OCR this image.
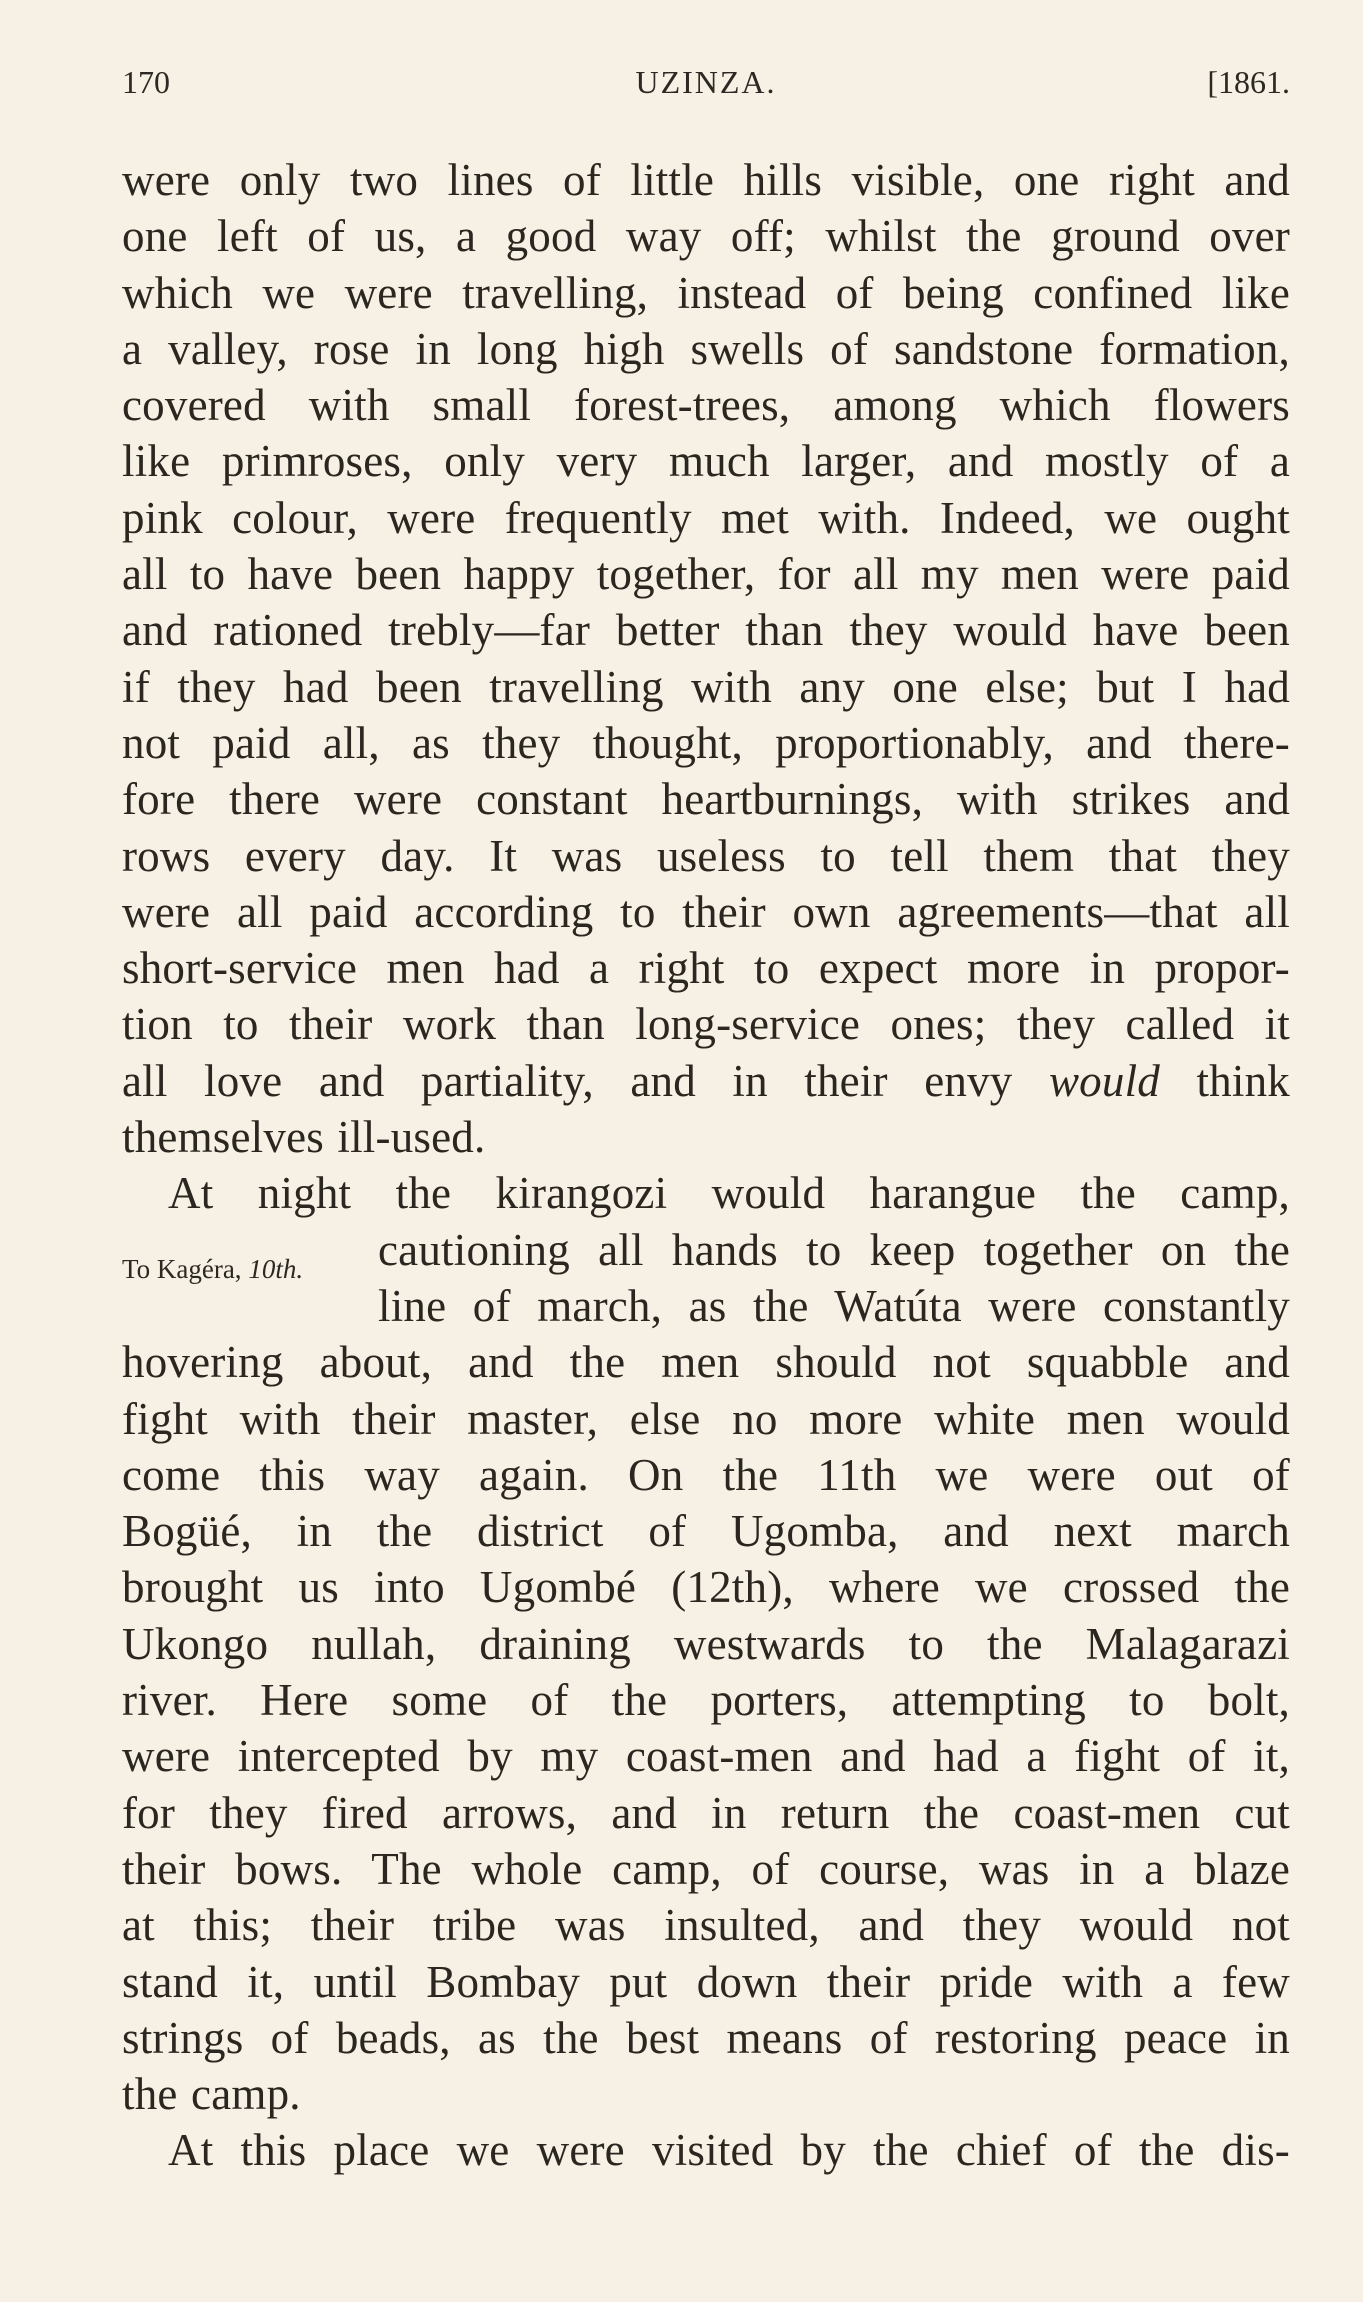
170	UZINZA.	[1861.
To Kagéra, 10th.
were only two lines of little hills visible, one right and
one left of us, a good way off; whilst the ground over
which we were travelling, instead of being confined like
a valley, rose in long high swells of sandstone formation,
covered with small forest-trees, among which flowers
like primroses, only very much larger, and mostly of a
pink colour, were frequently met with. Indeed, we ought
all to have been happy together, for all my men were paid
and rationed trebly—far better than they would have been
if they had been travelling with any one else; but I had
not paid all, as they thought, proportionably, and there-
fore there were constant heartburnings, with strikes and
rows every day. It was useless to tell them that they
were all paid according to their own agreements—that all
short-service men had a right to expect more in propor-
tion to their work than long-service ones; they called it
all love and partiality, and in their envy would think
themselves ill-used.
At night the kirangozi would harangue the camp,
cautioning all hands to keep together on the
line of march, as the Watúta were constantly
hovering about, and the men should not squabble and
fight with their master, else no more white men would
come this way again. On the 11th we were out of
Bogüé, in the district of Ugomba, and next march
brought us into Ugombé (12th), where we crossed the
Ukongo nullah, draining westwards to the Malagarazi
river. Here some of the porters, attempting to bolt,
were intercepted by my coast-men and had a fight of it,
for they fired arrows, and in return the coast-men cut
their bows. The whole camp, of course, was in a blaze
at this; their tribe was insulted, and they would not
stand it, until Bombay put down their pride with a few
strings of beads, as the best means of restoring peace in
the camp.
At this place we were visited by the chief of the dis-
